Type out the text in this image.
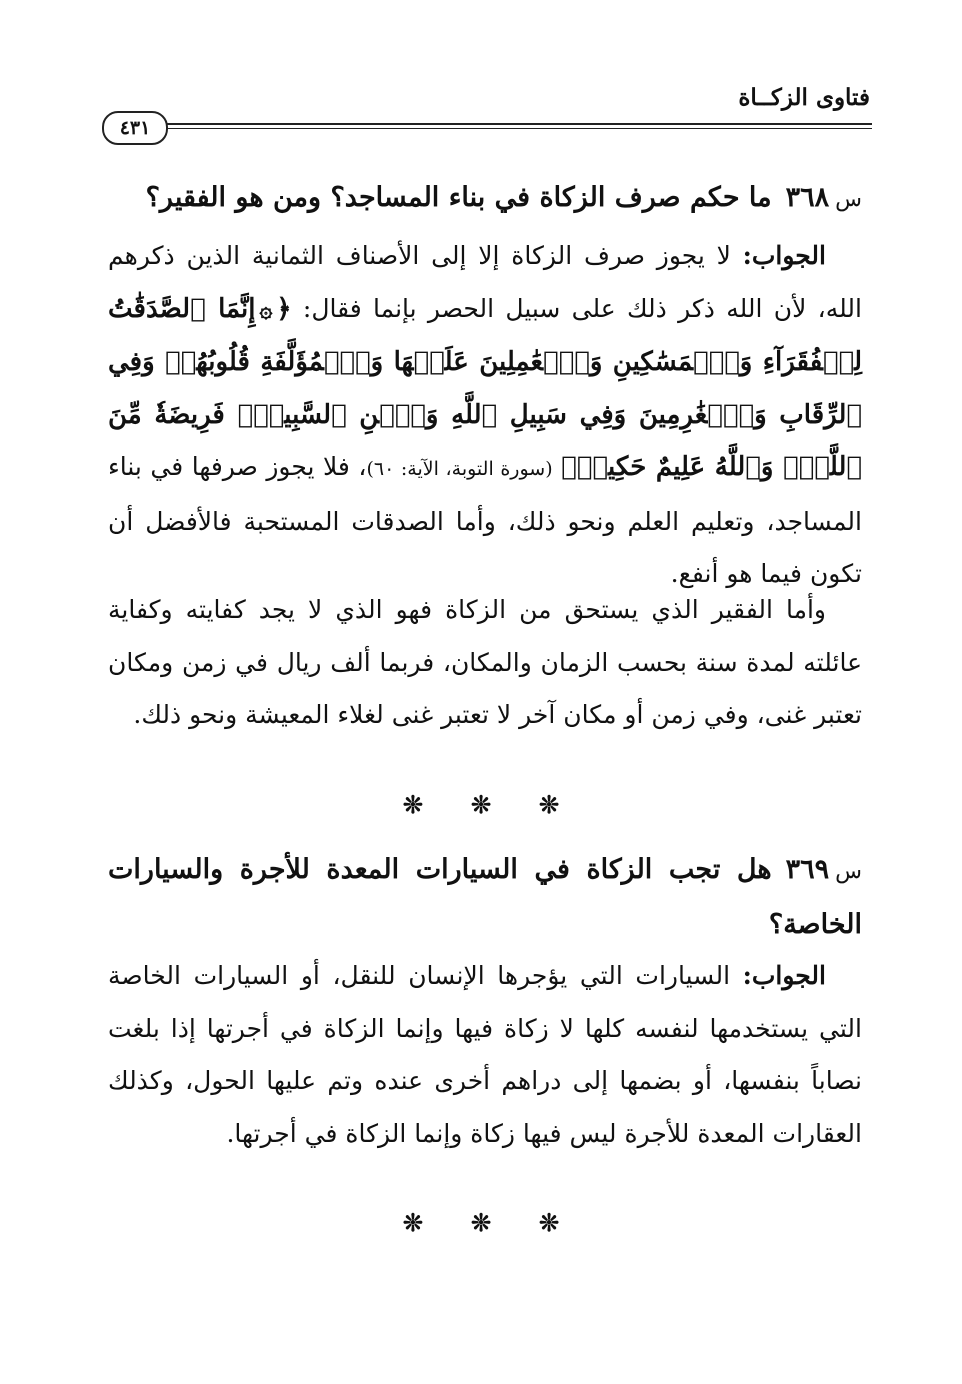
فتاوى الزكــاة
٤٣١
س٣٦٨ما حكم صرف الزكاة في بناء المساجد؟ ومن هو الفقير؟
الجواب: لا يجوز صرف الزكاة إلا إلى الأصناف الثمانية الذين ذكرهم الله، لأن الله ذكر ذلك على سبيل الحصر بإنما فقال: ﴿۞إِنَّمَا ٱلصَّدَقَٰتُ لِلۡفُقَرَآءِ وَٱلۡمَسَٰكِينِ وَٱلۡعَٰمِلِينَ عَلَيۡهَا وَٱلۡمُؤَلَّفَةِ قُلُوبُهُمۡ وَفِي ٱلرِّقَابِ وَٱلۡغَٰرِمِينَ وَفِي سَبِيلِ ٱللَّهِ وَٱبۡنِ ٱلسَّبِيلِۖ فَرِيضَةٗ مِّنَ ٱللَّهِۗ وَٱللَّهُ عَلِيمٌ حَكِيمٞ﴾ (سورة التوبة، الآية: ٦٠)، فلا يجوز صرفها في بناء المساجد، وتعليم العلم ونحو ذلك، وأما الصدقات المستحبة فالأفضل أن تكون فيما هو أنفع.
وأما الفقير الذي يستحق من الزكاة فهو الذي لا يجد كفايته وكفاية عائلته لمدة سنة بحسب الزمان والمكان، فربما ألف ريال في زمن ومكان تعتبر غنى، وفي زمن أو مكان آخر لا تعتبر غنى لغلاء المعيشة ونحو ذلك.
❊ ❊ ❊
س٣٦٩هل تجب الزكاة في السيارات المعدة للأجرة والسيارات الخاصة؟
الجواب: السيارات التي يؤجرها الإنسان للنقل، أو السيارات الخاصة التي يستخدمها لنفسه كلها لا زكاة فيها وإنما الزكاة في أجرتها إذا بلغت نصاباً بنفسها، أو بضمها إلى دراهم أخرى عنده وتم عليها الحول، وكذلك العقارات المعدة للأجرة ليس فيها زكاة وإنما الزكاة في أجرتها.
❊ ❊ ❊
